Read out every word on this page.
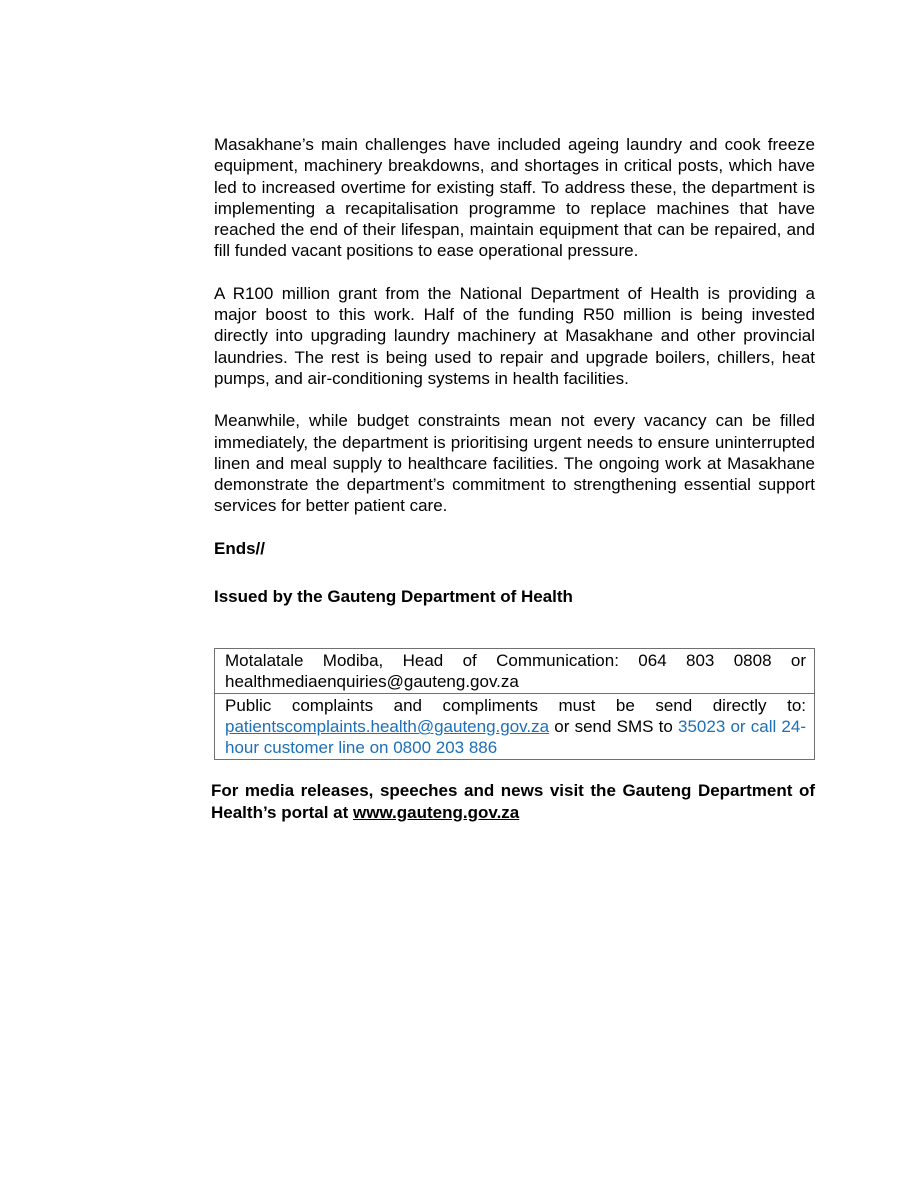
Masakhane’s main challenges have included ageing laundry and cook freeze equipment, machinery breakdowns, and shortages in critical posts, which have led to increased overtime for existing staff. To address these, the department is implementing a recapitalisation programme to replace machines that have reached the end of their lifespan, maintain equipment that can be repaired, and fill funded vacant positions to ease operational pressure.

A R100 million grant from the National Department of Health is providing a major boost to this work. Half of the funding R50 million is being invested directly into upgrading laundry machinery at Masakhane and other provincial laundries. The rest is being used to repair and upgrade boilers, chillers, heat pumps, and air-conditioning systems in health facilities.

Meanwhile, while budget constraints mean not every vacancy can be filled immediately, the department is prioritising urgent needs to ensure uninterrupted linen and meal supply to healthcare facilities. The ongoing work at Masakhane demonstrate the department’s commitment to strengthening essential support services for better patient care.

Ends//

Issued by the Gauteng Department of Health

Motalatale Modiba, Head of Communication: 064 803 0808 or healthmediaenquiries@gauteng.gov.za
Public complaints and compliments must be send directly to: patientscomplaints.health@gauteng.gov.za or send SMS to 35023 or call 24-hour customer line on 0800 203 886

For media releases, speeches and news visit the Gauteng Department of    Health’s portal at www.gauteng.gov.za
